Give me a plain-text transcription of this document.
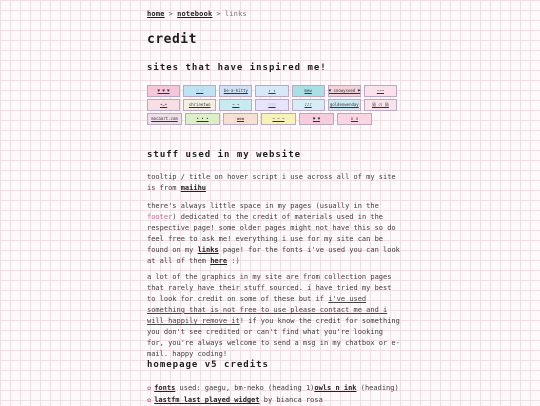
home > notebook > links
credit
sites that have inspired me!
♥ ♥ ♥	♡ ♡	be-a-kitty	✦ ✦	mew	♥ snowyseed ♥	~~~
•ᴗ•	shrinetwo	~ ~	♡♡♡	♪♪♪	goldenwenday	猫 の 猫
mocaart.com	• • •	✿✿✿	~ ~ ~	♥ ♥	ʚ ɞ
stuff used in my website

tooltip / title on hover script i use across all of my site is from maiihu

there's always little space in my pages (usually in the footer) dedicated to the credit of materials used in the respective page! some older pages might not have this so do feel free to ask me! everything i use for my site can be found on my links page! for the fonts i've used you can look at all of them here :)

a lot of the graphics in my site are from collection pages that rarely have their stuff sourced. i have tried my best to look for credit on some of these but if i've used something that is not free to use please contact me and i will happily remove it! if you know the credit for something you don't see credited or can't find what you're looking for, you're always welcome to send a msg in my chatbox or e-mail. happy coding!

homepage v5 credits
✿ fonts used: gaegu, bm-neko (heading 1)owls n ink (heading)
✿ lastfm last played widget by bianca rosa
